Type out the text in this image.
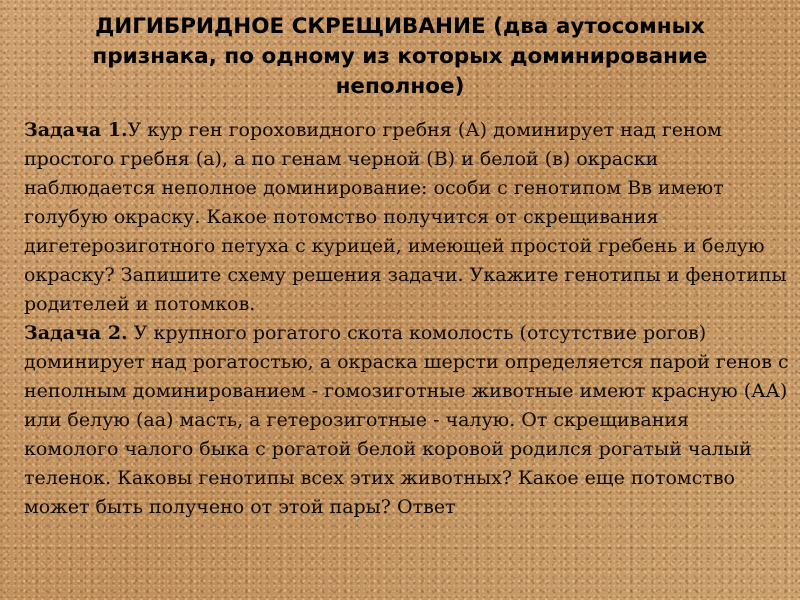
ДИГИБРИДНОЕ СКРЕЩИВАНИЕ (два аутосомных признака, по одному из которых доминирование неполное)

Задача 1.У кур ген гороховидного гребня (А) доминирует над геном простого гребня (а), а по генам черной (В) и белой (в) окраски наблюдается неполное доминирование: особи с генотипом Вв имеют голубую окраску. Какое потомство получится от скрещивания дигетерозиготного петуха с курицей, имеющей простой гребень и белую окраску? Запишите схему решения задачи. Укажите генотипы и фенотипы родителей и потомков.

Задача 2. У крупного рогатого скота комолость (отсутствие рогов) доминирует над рогатостью, а окраска шерсти определяется парой генов с неполным доминированием - гомозиготные животные имеют красную (АА) или белую (аа) масть, а гетерозиготные - чалую. От скрещивания комолого чалого быка с рогатой белой коровой родился рогатый чалый теленок. Каковы генотипы всех этих животных? Какое еще потомство может быть получено от этой пары? Ответ
